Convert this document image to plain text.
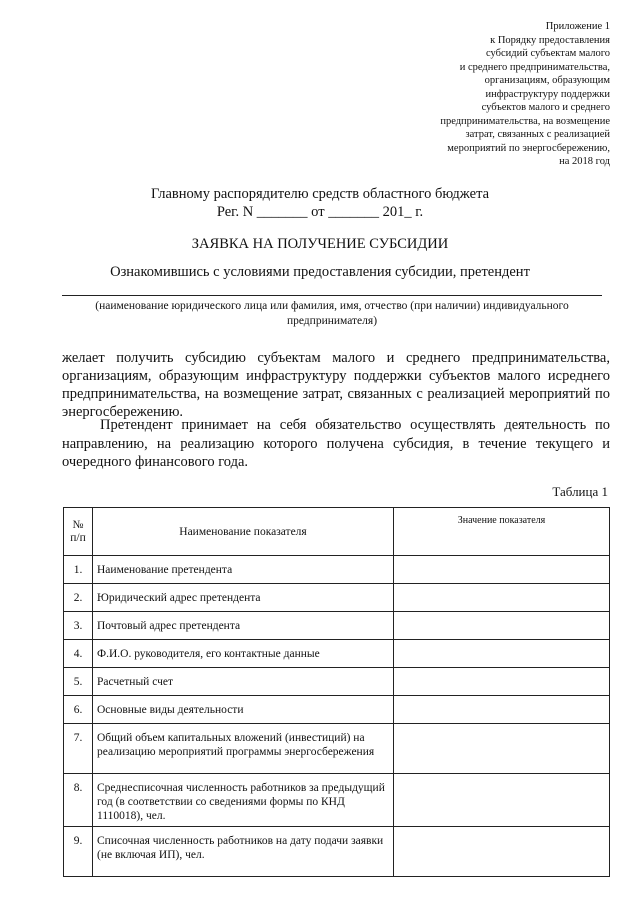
Приложение 1
к Порядку предоставления
субсидий субъектам малого
и среднего предпринимательства,
организациям, образующим
инфраструктуру поддержки
субъектов малого и среднего
предпринимательства, на возмещение
затрат, связанных с реализацией
мероприятий по энергосбережению,
на 2018 год
Главному распорядителю средств областного бюджета
Рег. N _______ от _______ 201_ г.
ЗАЯВКА НА ПОЛУЧЕНИЕ СУБСИДИИ
Ознакомившись с условиями предоставления субсидии, претендент
(наименование юридического лица или фамилия, имя, отчество (при наличии) индивидуального предпринимателя)
желает получить субсидию субъектам малого и среднего предпринимательства, организациям, образующим инфраструктуру поддержки субъектов малого исреднего предпринимательства, на возмещение затрат, связанных с реализацией мероприятий по энергосбережению.
Претендент принимает на себя обязательство осуществлять деятельность по направлению, на реализацию которого получена субсидия, в течение текущего и очередного финансового года.
Таблица 1
№ п/п	Наименование показателя	Значение показателя
1.	Наименование претендента	
2.	Юридический адрес претендента	
3.	Почтовый адрес претендента	
4.	Ф.И.О. руководителя, его контактные данные	
5.	Расчетный счет	
6.	Основные виды деятельности	
7.	Общий объем капитальных вложений (инвестиций) на реализацию мероприятий программы энергосбережения	
8.	Среднесписочная численность работников за предыдущий год (в соответствии со сведениями формы по КНД 1110018), чел.	
9.	Списочная численность работников на дату подачи заявки (не включая ИП), чел.	
